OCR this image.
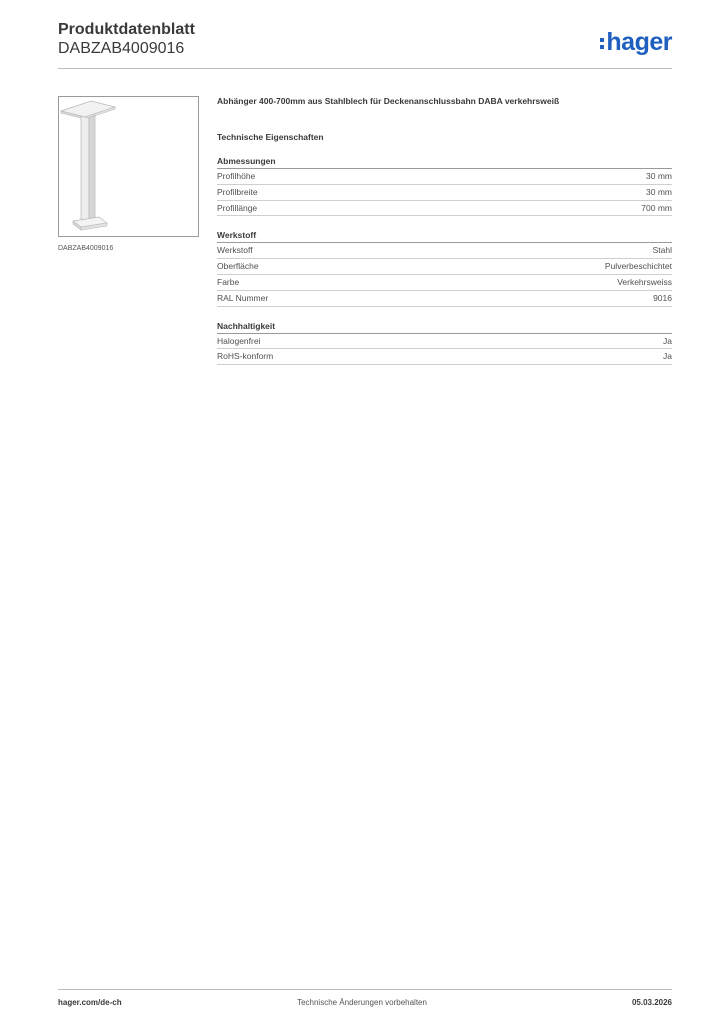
Produktdatenblatt
DABZAB4009016	hager
DABZAB4009016
Abhänger 400-700mm aus Stahlblech für Deckenanschlussbahn DABA verkehrsweiß
Technische Eigenschaften
Abmessungen
Profilhöhe	30 mm
Profilbreite	30 mm
Profillänge	700 mm
Werkstoff
Werkstoff	Stahl
Oberfläche	Pulverbeschichtet
Farbe	Verkehrsweiss
RAL Nummer	9016
Nachhaltigkeit
Halogenfrei	Ja
RoHS-konform	Ja
hager.com/de-ch	Technische Änderungen vorbehalten	05.03.2026
